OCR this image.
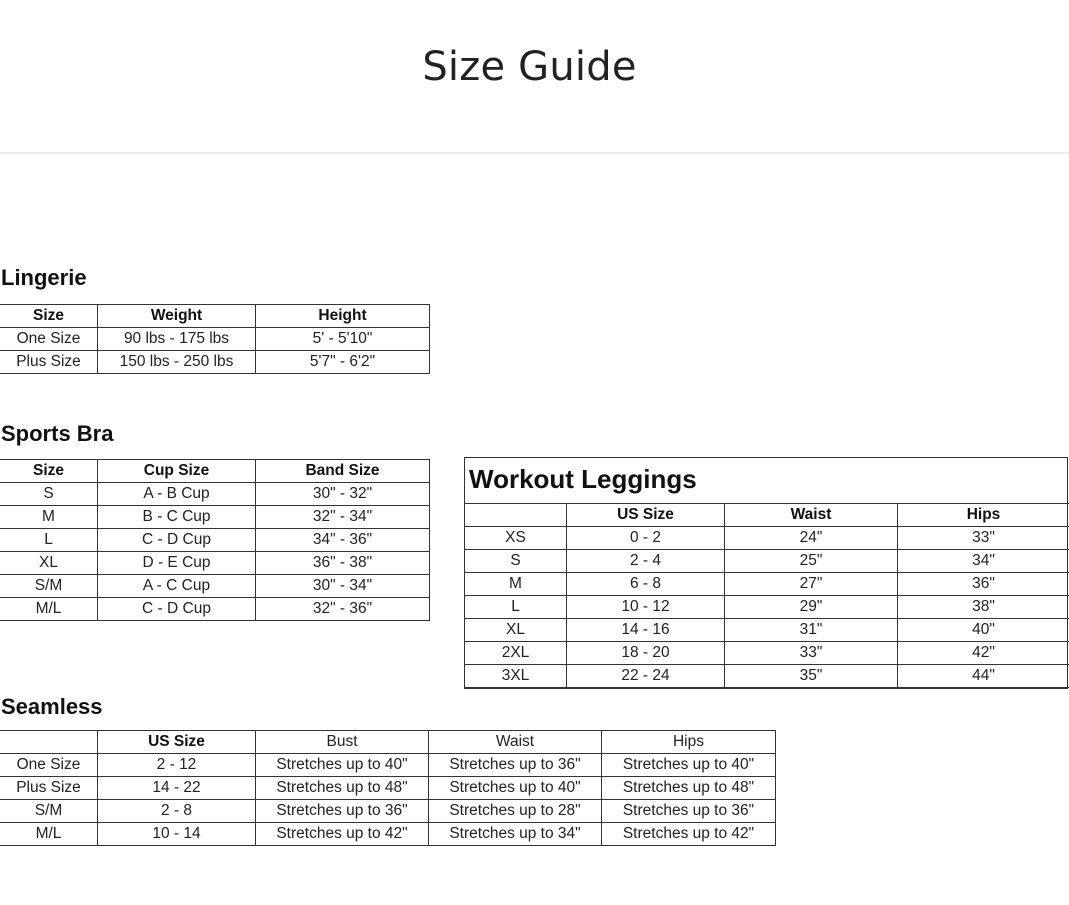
Size Guide
Lingerie
Size	Weight	Height
One Size	90 lbs - 175 lbs	5' - 5'10"
Plus Size	150 lbs - 250 lbs	5'7" - 6'2"
Sports Bra
Size	Cup Size	Band Size
S	A - B Cup	30" - 32"
M	B - C Cup	32" - 34"
L	C - D Cup	34" - 36"
XL	D - E Cup	36" - 38"
S/M	A - C Cup	30" - 34"
M/L	C - D Cup	32" - 36"
Workout Leggings
	US Size	Waist	Hips
XS	0 - 2	24"	33"
S	2 - 4	25"	34"
M	6 - 8	27"	36"
L	10 - 12	29"	38"
XL	14 - 16	31"	40"
2XL	18 - 20	33"	42"
3XL	22 - 24	35"	44"
Seamless
	US Size	Bust	Waist	Hips
One Size	2 - 12	Stretches up to 40"	Stretches up to 36"	Stretches up to 40"
Plus Size	14 - 22	Stretches up to 48"	Stretches up to 40"	Stretches up to 48"
S/M	2 - 8	Stretches up to 36"	Stretches up to 28"	Stretches up to 36"
M/L	10 - 14	Stretches up to 42"	Stretches up to 34"	Stretches up to 42"
